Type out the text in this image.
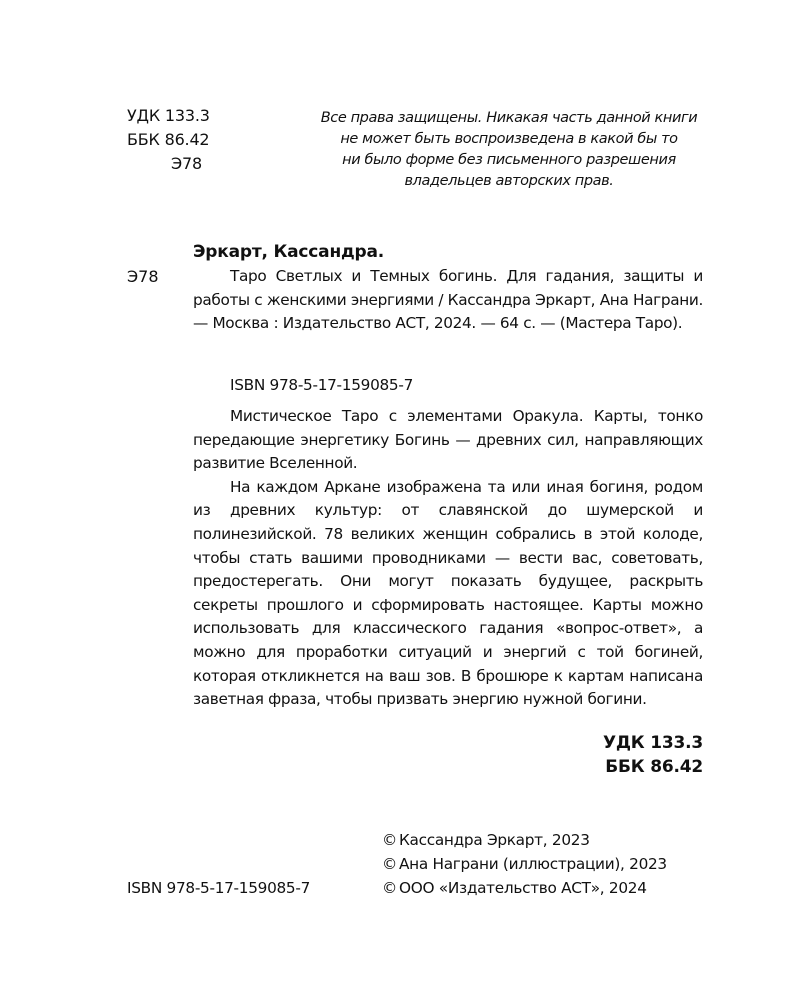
УДК 133.3
ББК 86.42
Э78
Все права защищены. Никакая часть данной книги
не может быть воспроизведена в какой бы то
ни было форме без письменного разрешения
владельцев авторских прав.
Эркарт, Кассандра.
Э78	Таро Светлых и Темных богинь. Для гадания, защиты и работы с женскими энергиями / Кассандра Эркарт, Ана Награни. — Москва : Издательство АСТ, 2024. — 64 с. — (Мастера Таро).

ISBN 978-5-17-159085-7

Мистическое Таро с элементами Оракула. Карты, тонко передающие энергетику Богинь — древних сил, направляющих развитие Вселенной.

На каждом Аркане изображена та или иная богиня, родом из древних культур: от славянской до шумерской и полинезийской. 78 великих женщин собрались в этой колоде, чтобы стать вашими проводниками — вести вас, советовать, предостерегать. Они могут показать будущее, раскрыть секреты прошлого и сформировать настоящее. Карты можно использовать для классического гадания «вопрос-ответ», а можно для проработки ситуаций и энергий с той богиней, которая откликнется на ваш зов. В брошюре к картам написана заветная фраза, чтобы призвать энергию нужной богини.

УДК 133.3
ББК 86.42
© Кассандра Эркарт, 2023
© Ана Награни (иллюстрации), 2023
© ООО «Издательство АСТ», 2024
ISBN 978-5-17-159085-7
